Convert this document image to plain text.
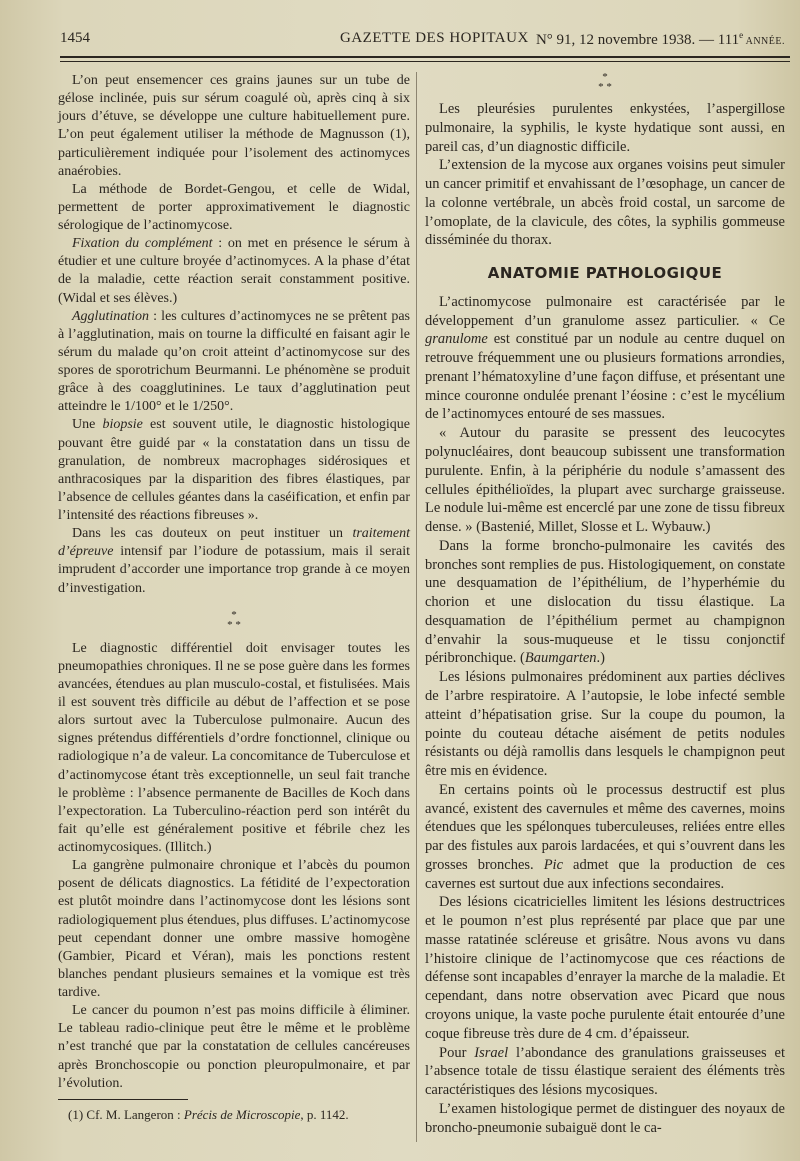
1454	GAZETTE DES HOPITAUX N° 91, 12 novembre 1938. — 111e ANNÉE.

L’on peut ensemencer ces grains jaunes sur un tube de gélose inclinée, puis sur sérum coagulé où, après cinq à six jours d’étuve, se développe une culture habituellement pure. L’on peut également utiliser la méthode de Magnusson (1), particulièrement indiquée pour l’isolement des actinomyces anaérobies.

La méthode de Bordet-Gengou, et celle de Widal, permettent de porter approximativement le diagnostic sérologique de l’actinomycose.

Fixation du complément : on met en présence le sérum à étudier et une culture broyée d’actinomyces. A la phase d’état de la maladie, cette réaction serait constamment positive. (Widal et ses élèves.)

Agglutination : les cultures d’actinomyces ne se prêtent pas à l’agglutination, mais on tourne la difficulté en faisant agir le sérum du malade qu’on croit atteint d’actinomycose sur des spores de sporotrichum Beurmanni. Le phénomène se produit grâce à des coagglutinines. Le taux d’agglutination peut atteindre le 1/100° et le 1/250°.

Une biopsie est souvent utile, le diagnostic histologique pouvant être guidé par « la constatation dans un tissu de granulation, de nombreux macrophages sidérosiques et anthracosiques par la disparition des fibres élastiques, par l’absence de cellules géantes dans la caséification, et enfin par l’intensité des réactions fibreuses ».

Dans les cas douteux on peut instituer un traitement d’épreuve intensif par l’iodure de potassium, mais il serait imprudent d’accorder une importance trop grande à ce moyen d’investigation.

*
* *

Le diagnostic différentiel doit envisager toutes les pneumopathies chroniques. Il ne se pose guère dans les formes avancées, étendues au plan musculo-costal, et fistulisées. Mais il est souvent très difficile au début de l’affection et se pose alors surtout avec la Tuberculose pulmonaire. Aucun des signes prétendus différentiels d’ordre fonctionnel, clinique ou radiologique n’a de valeur. La concomitance de Tuberculose et d’actinomycose étant très exceptionnelle, un seul fait tranche le problème : l’absence permanente de Bacilles de Koch dans l’expectoration. La Tuberculino-réaction perd son intérêt du fait qu’elle est généralement positive et fébrile chez les actinomycosiques. (Illitch.)

La gangrène pulmonaire chronique et l’abcès du poumon posent de délicats diagnostics. La fétidité de l’expectoration est plutôt moindre dans l’actinomycose dont les lésions sont radiologiquement plus étendues, plus diffuses. L’actinomycose peut cependant donner une ombre massive homogène (Gambier, Picard et Véran), mais les ponctions restent blanches pendant plusieurs semaines et la vomique est très tardive.

Le cancer du poumon n’est pas moins difficile à éliminer. Le tableau radio-clinique peut être le même et le problème n’est tranché que par la constatation de cellules cancéreuses après Bronchoscopie ou ponction pleuropulmonaire, et par l’évolution.

(1) Cf. M. Langeron : Précis de Microscopie, p. 1142.

*
* *

Les pleurésies purulentes enkystées, l’aspergillose pulmonaire, la syphilis, le kyste hydatique sont aussi, en pareil cas, d’un diagnostic difficile.

L’extension de la mycose aux organes voisins peut simuler un cancer primitif et envahissant de l’œsophage, un cancer de la colonne vertébrale, un abcès froid costal, un sarcome de l’omoplate, de la clavicule, des côtes, la syphilis gommeuse disséminée du thorax.

ANATOMIE PATHOLOGIQUE

L’actinomycose pulmonaire est caractérisée par le développement d’un granulome assez particulier. « Ce granulome est constitué par un nodule au centre duquel on retrouve fréquemment une ou plusieurs formations arrondies, prenant l’hématoxyline d’une façon diffuse, et présentant une mince couronne ondulée prenant l’éosine : c’est le mycélium de l’actinomyces entouré de ses massues.

« Autour du parasite se pressent des leucocytes polynucléaires, dont beaucoup subissent une transformation purulente. Enfin, à la périphérie du nodule s’amassent des cellules épithélioïdes, la plupart avec surcharge graisseuse. Le nodule lui-même est encerclé par une zone de tissu fibreux dense. » (Bastenié, Millet, Slosse et L. Wybauw.)

Dans la forme broncho-pulmonaire les cavités des bronches sont remplies de pus. Histologiquement, on constate une desquamation de l’épithélium, de l’hyperhémie du chorion et une dislocation du tissu élastique. La desquamation de l’épithélium permet au champignon d’envahir la sous-muqueuse et le tissu conjonctif péribronchique. (Baumgarten.)

Les lésions pulmonaires prédominent aux parties déclives de l’arbre respiratoire. A l’autopsie, le lobe infecté semble atteint d’hépatisation grise. Sur la coupe du poumon, la pointe du couteau détache aisément de petits nodules résistants ou déjà ramollis dans lesquels le champignon peut être mis en évidence.

En certains points où le processus destructif est plus avancé, existent des cavernules et même des cavernes, moins étendues que les spélonques tuberculeuses, reliées entre elles par des fistules aux parois lardacées, et qui s’ouvrent dans les grosses bronches. Pic admet que la production de ces cavernes est surtout due aux infections secondaires.

Des lésions cicatricielles limitent les lésions destructrices et le poumon n’est plus représenté par place que par une masse ratatinée scléreuse et grisâtre. Nous avons vu dans l’histoire clinique de l’actinomycose que ces réactions de défense sont incapables d’enrayer la marche de la maladie. Et cependant, dans notre observation avec Picard que nous croyons unique, la vaste poche purulente était entourée d’une coque fibreuse très dure de 4 cm. d’épaisseur.

Pour Israel l’abondance des granulations graisseuses et l’absence totale de tissu élastique seraient des éléments très caractéristiques des lésions mycosiques.

L’examen histologique permet de distinguer des noyaux de broncho-pneumonie subaiguë dont le ca-
